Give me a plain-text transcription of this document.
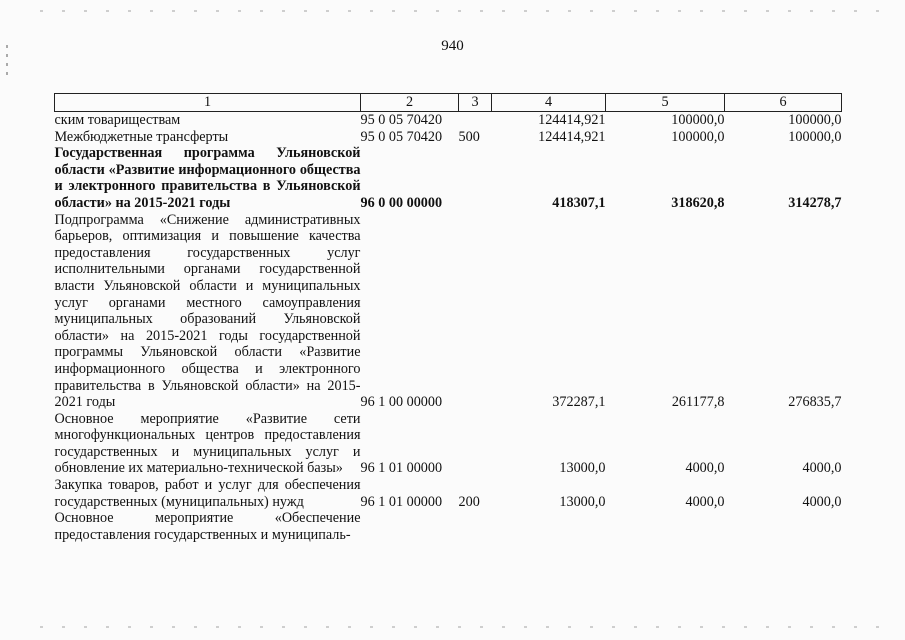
940
1	2	3	4	5	6
ским товариществам	95 0 05 70420		124414,921	100000,0	100000,0
Межбюджетные трансферты	95 0 05 70420	500	124414,921	100000,0	100000,0
Государственная программа Ульяновской области «Развитие информационного общества и электронного правительства в Ульяновской области» на 2015-2021 годы	96 0 00 00000		418307,1	318620,8	314278,7
Подпрограмма «Снижение административных барьеров, оптимизация и повышение качества предоставления государственных услуг исполнительными органами государственной власти Ульяновской области и муниципальных услуг органами местного самоуправления муниципальных образований Ульяновской области» на 2015-2021 годы государственной программы Ульяновской области «Развитие информационного общества и электронного правительства в Ульяновской области» на 2015-2021 годы	96 1 00 00000		372287,1	261177,8	276835,7
Основное мероприятие «Развитие сети многофункциональных центров предоставления государственных и муниципальных услуг и обновление их материально-технической базы»	96 1 01 00000		13000,0	4000,0	4000,0
Закупка товаров, работ и услуг для обеспечения государственных (муниципальных) нужд	96 1 01 00000	200	13000,0	4000,0	4000,0
Основное мероприятие «Обеспечение предоставления государственных и муниципаль-					
